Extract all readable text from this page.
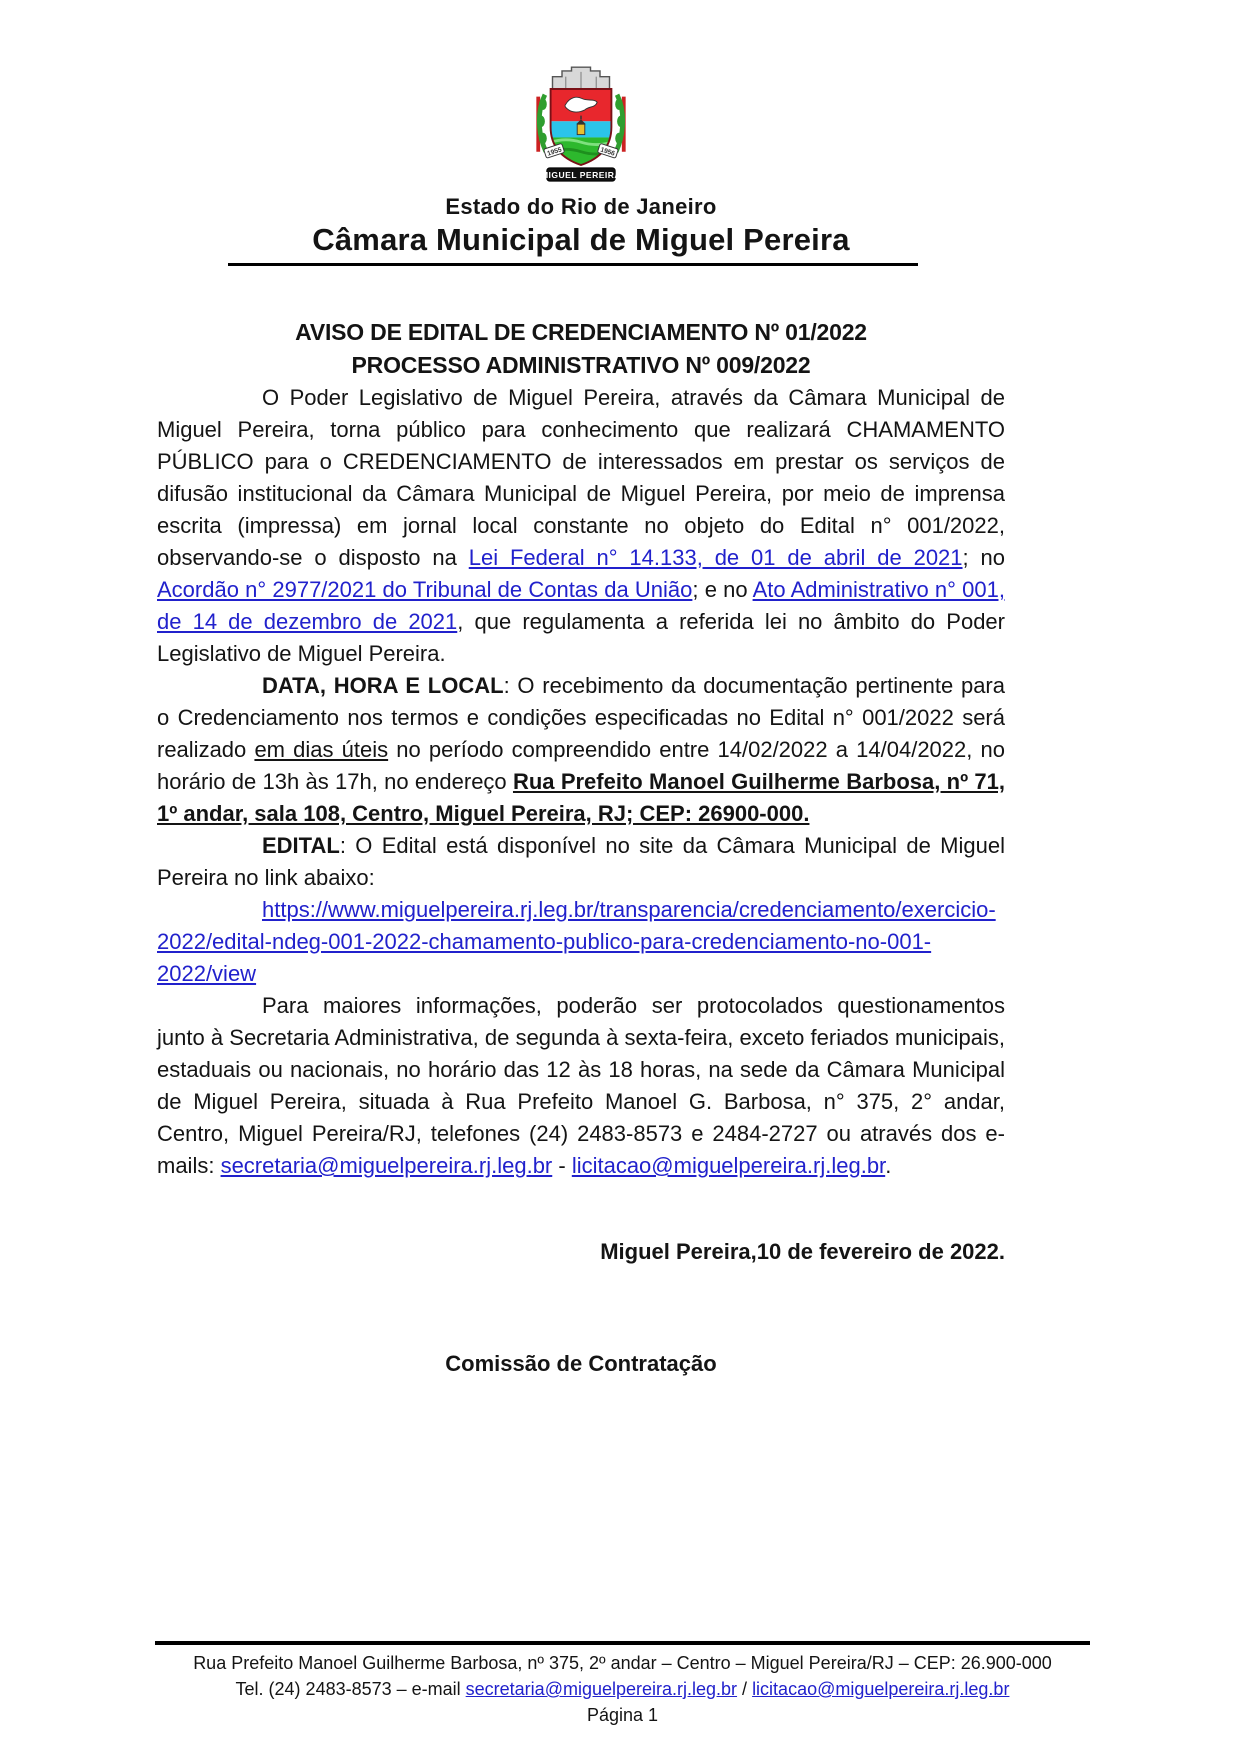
1955	1956
MIGUEL PEREIRA
Estado do Rio de Janeiro
Câmara Municipal de Miguel Pereira
AVISO DE EDITAL DE CREDENCIAMENTO Nº 01/2022
PROCESSO ADMINISTRATIVO Nº 009/2022

O Poder Legislativo de Miguel Pereira, através da Câmara Municipal de Miguel Pereira, torna público para conhecimento que realizará CHAMAMENTO PÚBLICO para o CREDENCIAMENTO de interessados em prestar os serviços de difusão institucional da Câmara Municipal de Miguel Pereira, por meio de imprensa escrita (impressa) em jornal local constante no objeto do Edital n° 001/2022, observando-se o disposto na Lei Federal n° 14.133, de 01 de abril de 2021; no Acordão n° 2977/2021 do Tribunal de Contas da União; e no Ato Administrativo n° 001, de 14 de dezembro de 2021, que regulamenta a referida lei no âmbito do Poder Legislativo de Miguel Pereira.

DATA, HORA E LOCAL: O recebimento da documentação pertinente para o Credenciamento nos termos e condições especificadas no Edital n° 001/2022 será realizado em dias úteis no período compreendido entre 14/02/2022 a 14/04/2022, no horário de 13h às 17h, no endereço Rua Prefeito Manoel Guilherme Barbosa, nº 71, 1º andar, sala 108, Centro, Miguel Pereira, RJ; CEP: 26900-000.

EDITAL: O Edital está disponível no site da Câmara Municipal de Miguel Pereira no link abaixo:

https://www.miguelpereira.rj.leg.br/transparencia/credenciamento/exercicio-2022/edital-ndeg-001-2022-chamamento-publico-para-credenciamento-no-001-2022/view

Para maiores informações, poderão ser protocolados questionamentos junto à Secretaria Administrativa, de segunda à sexta-feira, exceto feriados municipais, estaduais ou nacionais, no horário das 12 às 18 horas, na sede da Câmara Municipal de Miguel Pereira, situada à Rua Prefeito Manoel G. Barbosa, n° 375, 2° andar, Centro, Miguel Pereira/RJ, telefones (24) 2483-8573 e 2484-2727 ou através dos e-mails: secretaria@miguelpereira.rj.leg.br - licitacao@miguelpereira.rj.leg.br.

Miguel Pereira,10 de fevereiro de 2022.
Comissão de Contratação
Rua Prefeito Manoel Guilherme Barbosa, nº 375, 2º andar – Centro – Miguel Pereira/RJ – CEP: 26.900-000
Tel. (24) 2483-8573 – e-mail secretaria@miguelpereira.rj.leg.br / licitacao@miguelpereira.rj.leg.br
Página 1
